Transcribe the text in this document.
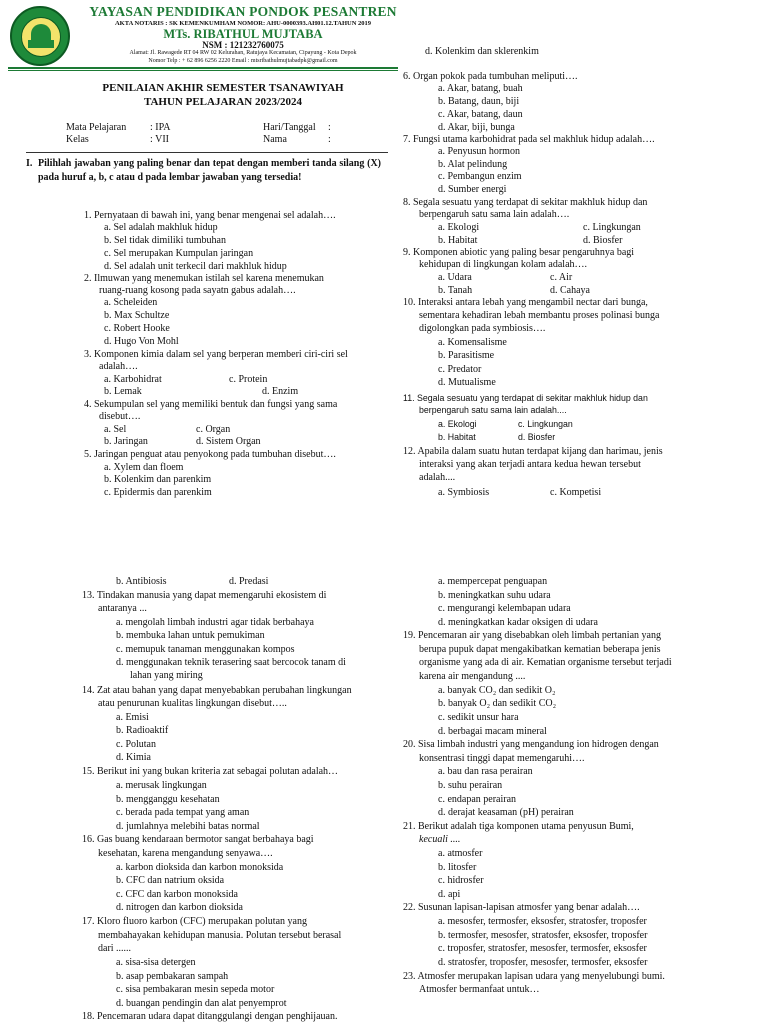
YAYASAN PENDIDIKAN PONDOK PESANTREN
AKTA NOTARIS : SK KEMENKUMHAM NOMOR: AHU-0000393.AH01.12.TAHUN 2019
MTs. RIBATHUL MUJTABA
NSM : 121232760075
Alamat: Jl. Rawagede RT 04 RW 02 Kelurahan, Ratujaya Kecamatan, Cipayung - Kota Depok
Nomor Telp : + 62 896 6256 2220 Email : mtsribathulmujtabadpk@gmail.com
PENILAIAN AKHIR SEMESTER TSANAWIYAH
TAHUN PELAJARAN 2023/2024
Mata Pelajaran : IPA
Kelas	: VII
Hari/Tanggal :
Nama	:
I. Pilihlah jawaban yang paling benar dan tepat dengan memberi tanda silang (X) pada huruf a, b, c atau d pada lembar jawaban yang tersedia!
1. Pernyataan di bawah ini, yang benar mengenai sel adalah….
a. Sel adalah makhluk hidup
b. Sel tidak dimiliki tumbuhan
c. Sel merupakan Kumpulan jaringan
d. Sel adalah unit terkecil dari makhluk hidup
2. Ilmuwan yang menemukan istilah sel karena menemukan
ruang-ruang kosong pada sayatn gabus adalah….
a. Scheleiden
b. Max Schultze
c. Robert Hooke
d. Hugo Von Mohl
3. Komponen kimia dalam sel yang berperan memberi ciri-ciri sel
adalah….
a. Karbohidrat	c. Protein
b. Lemak	d. Enzim
4. Sekumpulan sel yang memiliki bentuk dan fungsi yang sama
disebut….
a. Sel	c. Organ
b. Jaringan	d. Sistem Organ
5. Jaringan penguat atau penyokong pada tumbuhan disebut….
a. Xylem dan floem
b. Kolenkim dan parenkim
c. Epidermis dan parenkim
d. Kolenkim dan sklerenkim
6. Organ pokok pada tumbuhan meliputi….
a. Akar, batang, buah
b. Batang, daun, biji
c. Akar, batang, daun
d. Akar, biji, bunga
7. Fungsi utama karbohidrat pada sel makhluk hidup adalah….
a. Penyusun hormon
b. Alat pelindung
c. Pembangun enzim
d. Sumber energi
8. Segala sesuatu yang terdapat di sekitar makhluk hidup dan
berpengaruh satu sama lain adalah….
a. Ekologi	c. Lingkungan
b. Habitat	d. Biosfer
9. Komponen abiotic yang paling besar pengaruhnya bagi
kehidupan di lingkungan kolam adalah….
a. Udara	c. Air
b. Tanah	d. Cahaya
10. Interaksi antara lebah yang mengambil nectar dari bunga,
sementara kehadiran lebah membantu proses polinasi bunga
digolongkan pada symbiosis….
a. Komensalisme
b. Parasitisme
c. Predator
d. Mutualisme
11. Segala sesuatu yang terdapat di sekitar makhluk hidup dan
berpengaruh satu sama lain adalah....
a. Ekologi	c. Lingkungan
b. Habitat	d. Biosfer
12. Apabila dalam suatu hutan terdapat kijang dan harimau, jenis
interaksi yang akan terjadi antara kedua hewan tersebut
adalah....
a. Symbiosis	c. Kompetisi
b. Antibiosis	d. Predasi
13. Tindakan manusia yang dapat memengaruhi ekosistem di
antaranya ...
a. mengolah limbah industri agar tidak berbahaya
b. membuka lahan untuk pemukiman
c. memupuk tanaman menggunakan kompos
d. menggunakan teknik terasering saat bercocok tanam di
lahan yang miring
14. Zat atau bahan yang dapat menyebabkan perubahan lingkungan
atau penurunan kualitas lingkungan disebut…..
a. Emisi
b. Radioaktif
c. Polutan
d. Kimia
15. Berikut ini yang bukan kriteria zat sebagai polutan adalah…
a. merusak lingkungan
b. mengganggu kesehatan
c. berada pada tempat yang aman
d. jumlahnya melebihi batas normal
16. Gas buang kendaraan bermotor sangat berbahaya bagi
kesehatan, karena mengandung senyawa….
a. karbon dioksida dan karbon monoksida
b. CFC dan natrium oksida
c. CFC dan karbon monoksida
d. nitrogen dan karbon dioksida
17. Kloro fluoro karbon (CFC) merupakan polutan yang
membahayakan kehidupan manusia. Polutan tersebut berasal
dari ......
a. sisa-sisa detergen
b. asap pembakaran sampah
c. sisa pembakaran mesin sepeda motor
d. buangan pendingin dan alat penyemprot
18. Pencemaran udara dapat ditanggulangi dengan penghijauan.
a. mempercepat penguapan
b. meningkatkan suhu udara
c. mengurangi kelembapan udara
d. meningkatkan kadar oksigen di udara
19. Pencemaran air yang disebabkan oleh limbah pertanian yang
berupa pupuk dapat mengakibatkan kematian beberapa jenis
organisme yang ada di air. Kematian organisme tersebut terjadi
karena air mengandung ....
a. banyak CO₂ dan sedikit O₂
b. banyak O₂ dan sedikit CO₂
c. sedikit unsur hara
d. berbagai macam mineral
20. Sisa limbah industri yang mengandung ion hidrogen dengan
konsentrasi tinggi dapat memengaruhi….
a. bau dan rasa perairan
b. suhu perairan
c. endapan perairan
d. derajat keasaman (pH) perairan
21. Berikut adalah tiga komponen utama penyusun Bumi,
kecuali ....
a. atmosfer
b. litosfer
c. hidrosfer
d. api
22. Susunan lapisan-lapisan atmosfer yang benar adalah….
a. mesosfer, termosfer, eksosfer, stratosfer, troposfer
b. termosfer, mesosfer, stratosfer, eksosfer, troposfer
c. troposfer, stratosfer, mesosfer, termosfer, eksosfer
d. stratosfer, troposfer, mesosfer, termosfer, eksosfer
23. Atmosfer merupakan lapisan udara yang menyelubungi bumi.
Atmosfer bermanfaat untuk…
